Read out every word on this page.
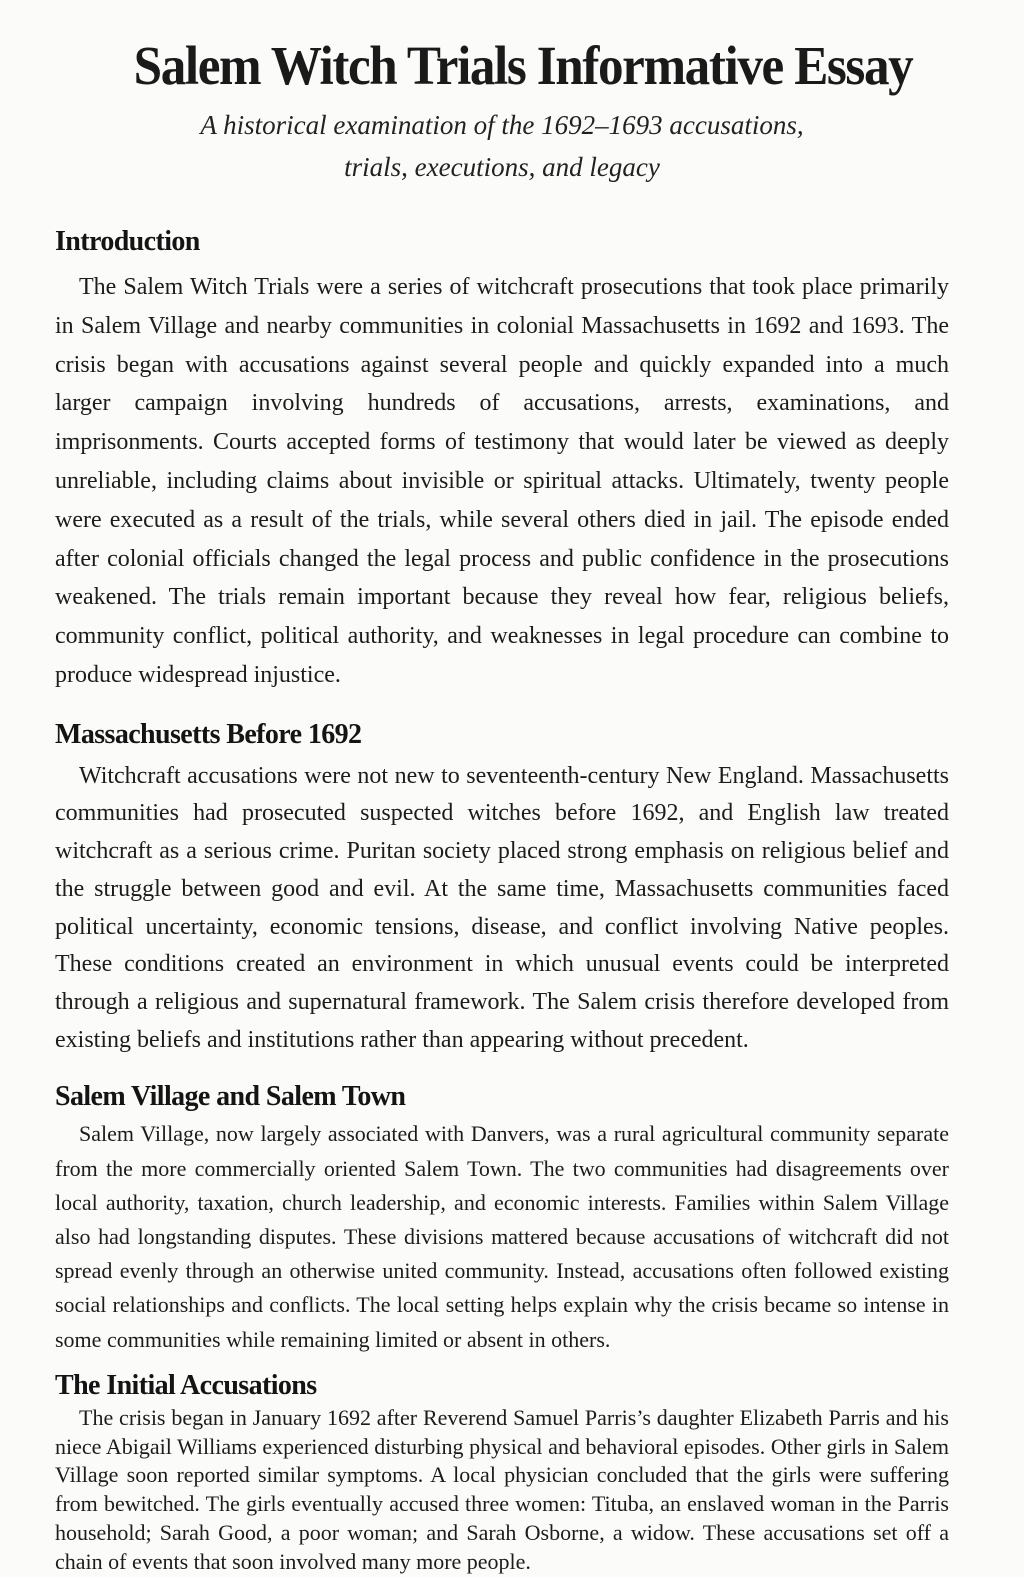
Salem Witch Trials Informative Essay
A historical examination of the 1692–1693 accusations,
trials, executions, and legacy
Introduction

The Salem Witch Trials were a series of witchcraft prosecutions that took place primarily in Salem Village and nearby communities in colonial Massachusetts in 1692 and 1693. The crisis began with accusations against several people and quickly expanded into a much larger campaign involving hundreds of accusations, arrests, examinations, and imprisonments. Courts accepted forms of testimony that would later be viewed as deeply unreliable, including claims about invisible or spiritual attacks. Ultimately, twenty people were executed as a result of the trials, while several others died in jail. The episode ended after colonial officials changed the legal process and public confidence in the prosecutions weakened. The trials remain important because they reveal how fear, religious beliefs, community conflict, political authority, and weaknesses in legal procedure can combine to produce widespread injustice.

Massachusetts Before 1692

Witchcraft accusations were not new to seventeenth-century New England. Massachusetts communities had prosecuted suspected witches before 1692, and English law treated witchcraft as a serious crime. Puritan society placed strong emphasis on religious belief and the struggle between good and evil. At the same time, Massachusetts communities faced political uncertainty, economic tensions, disease, and conflict involving Native peoples. These conditions created an environment in which unusual events could be interpreted through a religious and supernatural framework. The Salem crisis therefore developed from existing beliefs and institutions rather than appearing without precedent.

Salem Village and Salem Town

Salem Village, now largely associated with Danvers, was a rural agricultural community separate from the more commercially oriented Salem Town. The two communities had disagreements over local authority, taxation, church leadership, and economic interests. Families within Salem Village also had longstanding disputes. These divisions mattered because accusations of witchcraft did not spread evenly through an otherwise united community. Instead, accusations often followed existing social relationships and conflicts. The local setting helps explain why the crisis became so intense in some communities while remaining limited or absent in others.

The Initial Accusations

The crisis began in January 1692 after Reverend Samuel Parris’s daughter Elizabeth Parris and his niece Abigail Williams experienced disturbing physical and behavioral episodes. Other girls in Salem Village soon reported similar symptoms. A local physician concluded that the girls were suffering from bewitched. The girls eventually accused three women: Tituba, an enslaved woman in the Parris household; Sarah Good, a poor woman; and Sarah Osborne, a widow. These accusations set off a chain of events that soon involved many more people.
